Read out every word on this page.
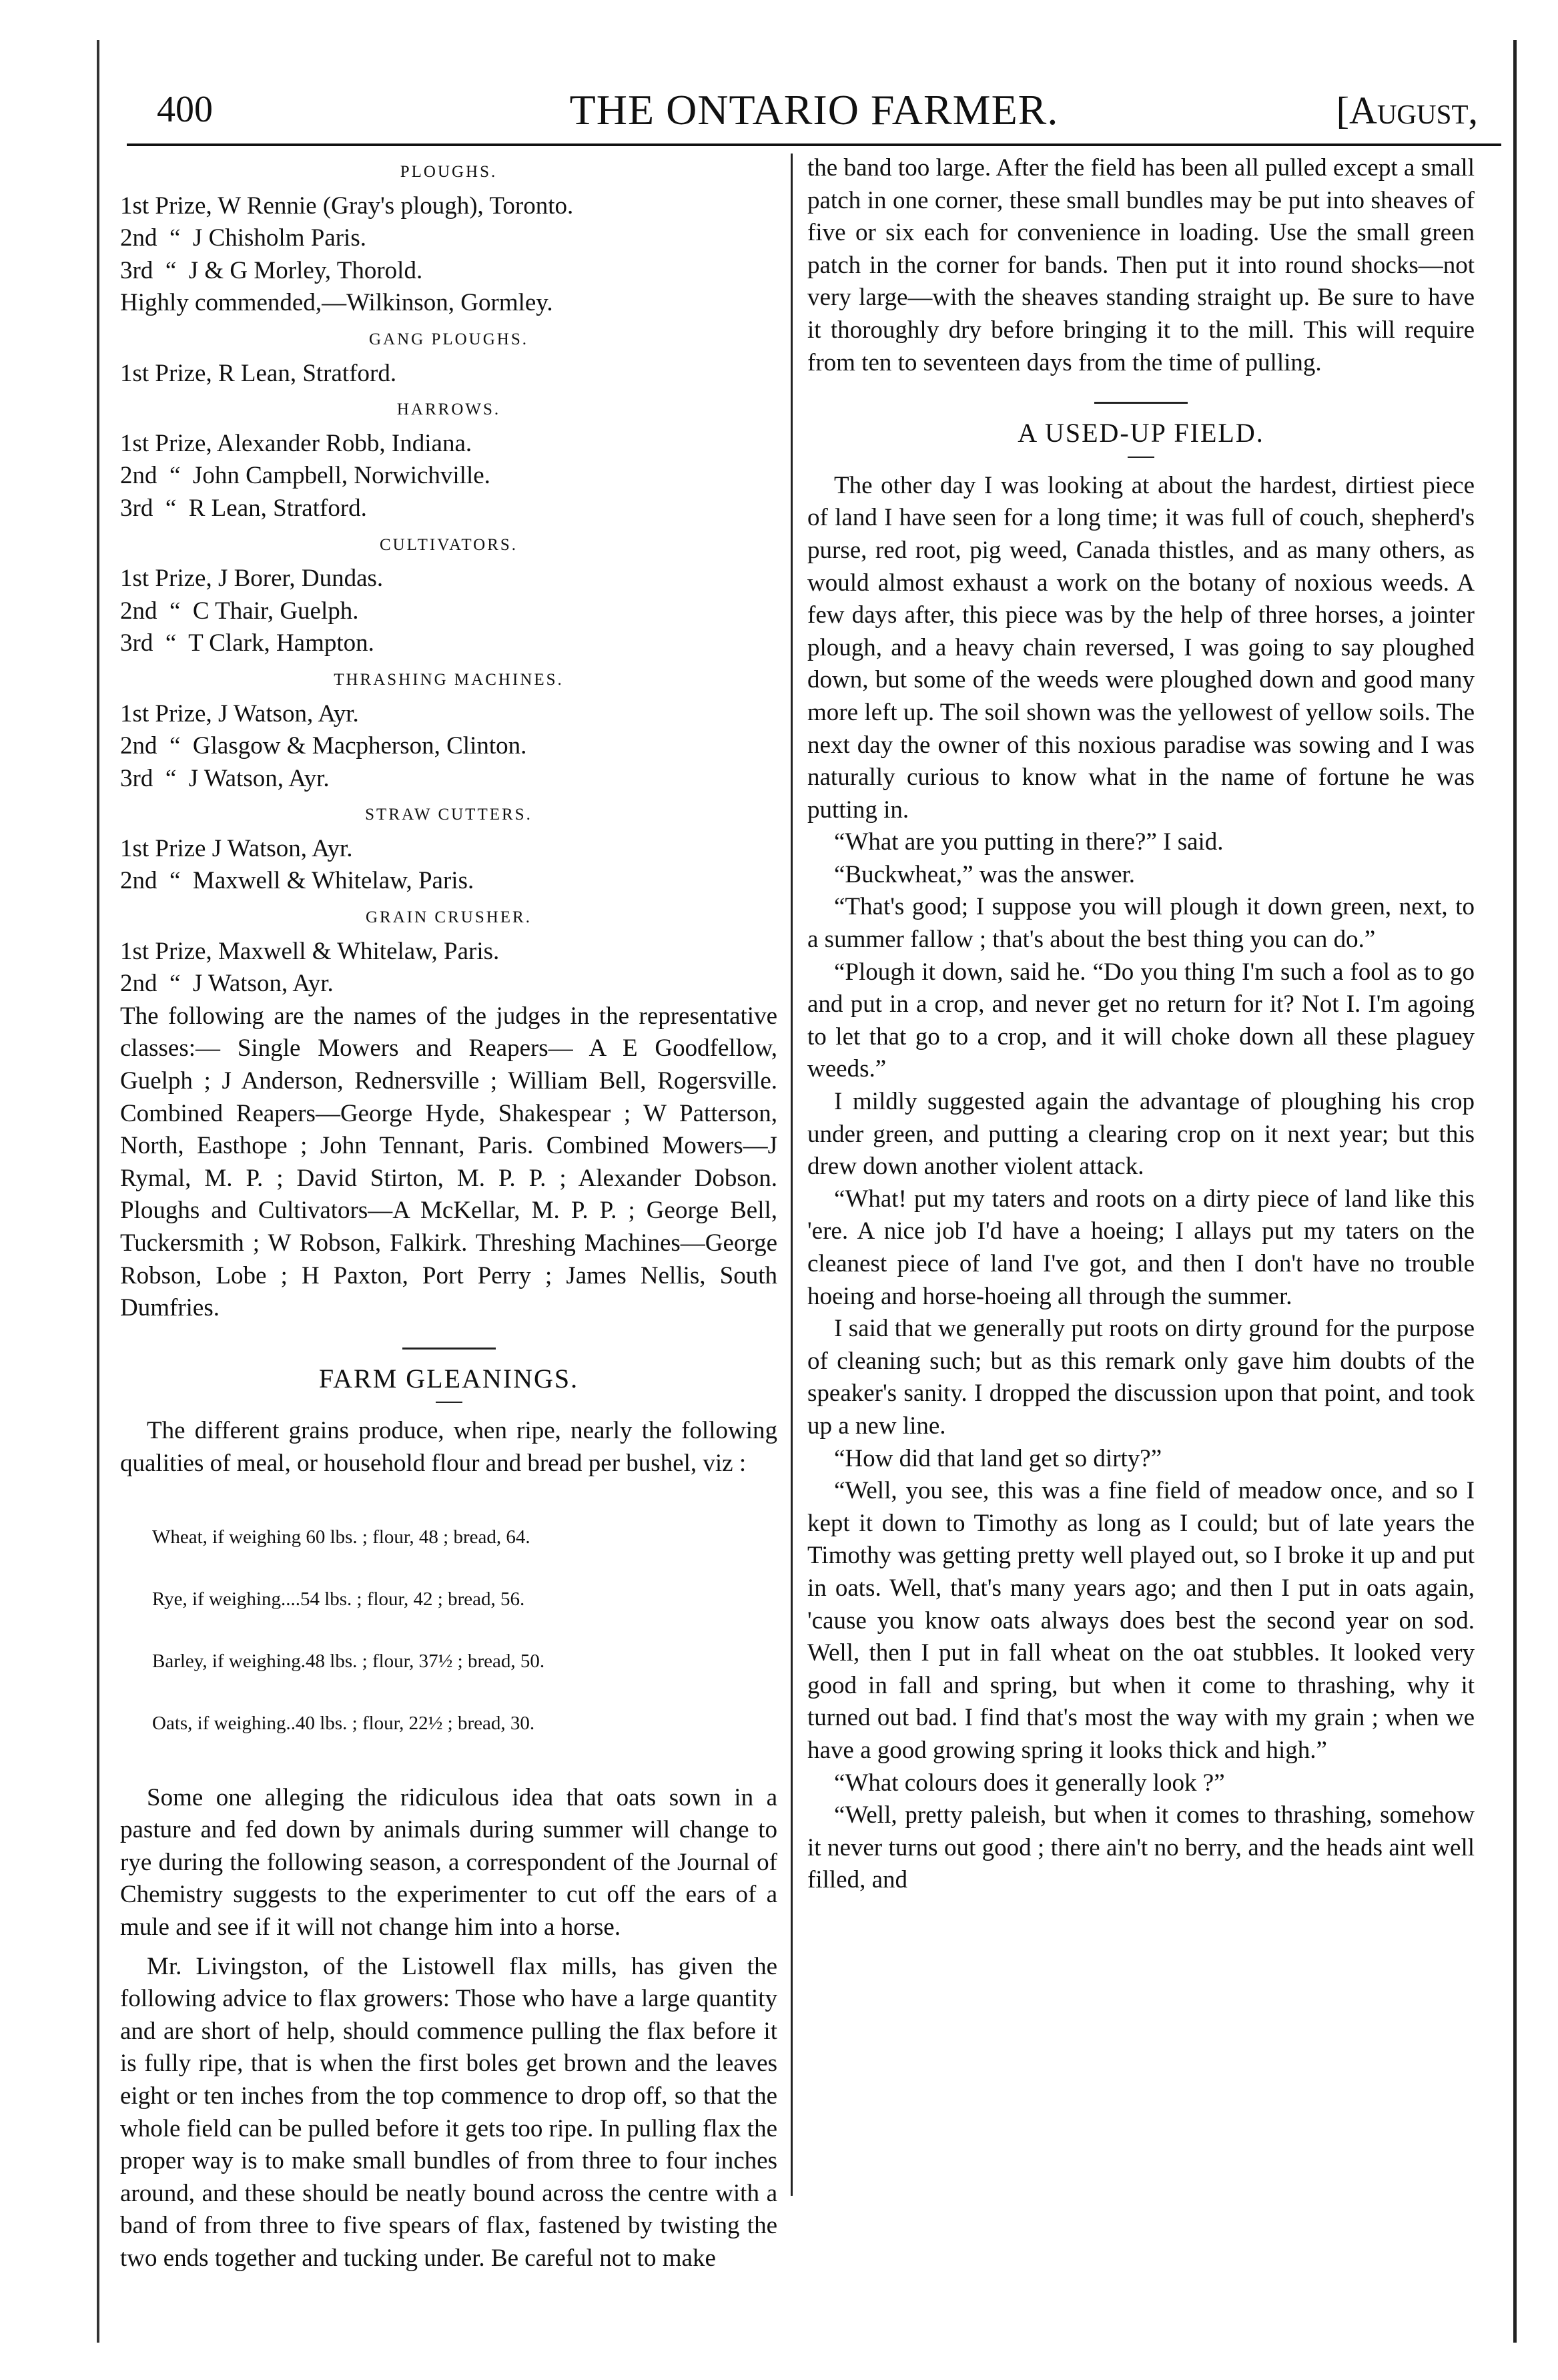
400	THE ONTARIO FARMER.	[August,
PLOUGHS.
1st Prize, W Rennie (Gray's plough), Toronto.
2nd  “  J Chisholm Paris.
3rd  “  J & G Morley, Thorold.
Highly commended,—Wilkinson, Gormley.
GANG PLOUGHS.
1st Prize, R Lean, Stratford.
HARROWS.
1st Prize, Alexander Robb, Indiana.
2nd  “  John Campbell, Norwichville.
3rd  “  R Lean, Stratford.
CULTIVATORS.
1st Prize, J Borer, Dundas.
2nd  “  C Thair, Guelph.
3rd  “  T Clark, Hampton.
THRASHING MACHINES.
1st Prize, J Watson, Ayr.
2nd  “  Glasgow & Macpherson, Clinton.
3rd  “  J Watson, Ayr.
STRAW CUTTERS.
1st Prize J Watson, Ayr.
2nd  “  Maxwell & Whitelaw, Paris.
GRAIN CRUSHER.
1st Prize, Maxwell & Whitelaw, Paris.
2nd  “  J Watson, Ayr.

The following are the names of the judges in the representative classes:— Single Mowers and Reapers— A E Goodfellow, Guelph ; J Anderson, Rednersville ; William Bell, Rogersville. Combined Reapers—George Hyde, Shakespear ; W Patterson, North, Easthope ; John Tennant, Paris. Combined Mowers—J Rymal, M. P. ; David Stirton, M. P. P. ; Alexander Dobson. Ploughs and Cultivators—A McKellar, M. P. P. ; George Bell, Tuckersmith ; W Robson, Falkirk. Threshing Machines—George Robson, Lobe ; H Paxton, Port Perry ; James Nellis, South Dumfries.

FARM GLEANINGS.

The different grains produce, when ripe, nearly the following qualities of meal, or household flour and bread per bushel, viz :

Wheat, if weighing 60 lbs. ; flour, 48 ; bread, 64.

Rye, if weighing....54 lbs. ; flour, 42 ; bread, 56.

Barley, if weighing.48 lbs. ; flour, 37½ ; bread, 50.

Oats, if weighing..40 lbs. ; flour, 22½ ; bread, 30.

Some one alleging the ridiculous idea that oats sown in a pasture and fed down by animals during summer will change to rye during the following season, a correspondent of the Journal of Chemistry suggests to the experimenter to cut off the ears of a mule and see if it will not change him into a horse.

Mr. Livingston, of the Listowell flax mills, has given the following advice to flax growers: Those who have a large quantity and are short of help, should commence pulling the flax before it is fully ripe, that is when the first boles get brown and the leaves eight or ten inches from the top commence to drop off, so that the whole field can be pulled before it gets too ripe. In pulling flax the proper way is to make small bundles of from three to four inches around, and these should be neatly bound across the centre with a band of from three to five spears of flax, fastened by twisting the two ends together and tucking under. Be careful not to make

the band too large. After the field has been all pulled except a small patch in one corner, these small bundles may be put into sheaves of five or six each for convenience in loading. Use the small green patch in the corner for bands. Then put it into round shocks—not very large—with the sheaves standing straight up. Be sure to have it thoroughly dry before bringing it to the mill. This will require from ten to seventeen days from the time of pulling.

A USED-UP FIELD.

The other day I was looking at about the hardest, dirtiest piece of land I have seen for a long time; it was full of couch, shepherd's purse, red root, pig weed, Canada thistles, and as many others, as would almost exhaust a work on the botany of noxious weeds. A few days after, this piece was by the help of three horses, a jointer plough, and a heavy chain reversed, I was going to say ploughed down, but some of the weeds were ploughed down and good many more left up. The soil shown was the yellowest of yellow soils. The next day the owner of this noxious paradise was sowing and I was naturally curious to know what in the name of fortune he was putting in.

“What are you putting in there?” I said.

“Buckwheat,” was the answer.

“That's good; I suppose you will plough it down green, next, to a summer fallow ; that's about the best thing you can do.”

“Plough it down, said he. “Do you thing I'm such a fool as to go and put in a crop, and never get no return for it? Not I. I'm agoing to let that go to a crop, and it will choke down all these plaguey weeds.”

I mildly suggested again the advantage of ploughing his crop under green, and putting a clearing crop on it next year; but this drew down another violent attack.

“What! put my taters and roots on a dirty piece of land like this 'ere. A nice job I'd have a hoeing; I allays put my taters on the cleanest piece of land I've got, and then I don't have no trouble hoeing and horse-hoeing all through the summer.

I said that we generally put roots on dirty ground for the purpose of cleaning such; but as this remark only gave him doubts of the speaker's sanity. I dropped the discussion upon that point, and took up a new line.

“How did that land get so dirty?”

“Well, you see, this was a fine field of meadow once, and so I kept it down to Timothy as long as I could; but of late years the Timothy was getting pretty well played out, so I broke it up and put in oats. Well, that's many years ago; and then I put in oats again, 'cause you know oats always does best the second year on sod. Well, then I put in fall wheat on the oat stubbles. It looked very good in fall and spring, but when it come to thrashing, why it turned out bad. I find that's most the way with my grain ; when we have a good growing spring it looks thick and high.”

“What colours does it generally look ?”

“Well, pretty paleish, but when it comes to thrashing, somehow it never turns out good ; there ain't no berry, and the heads aint well filled, and
